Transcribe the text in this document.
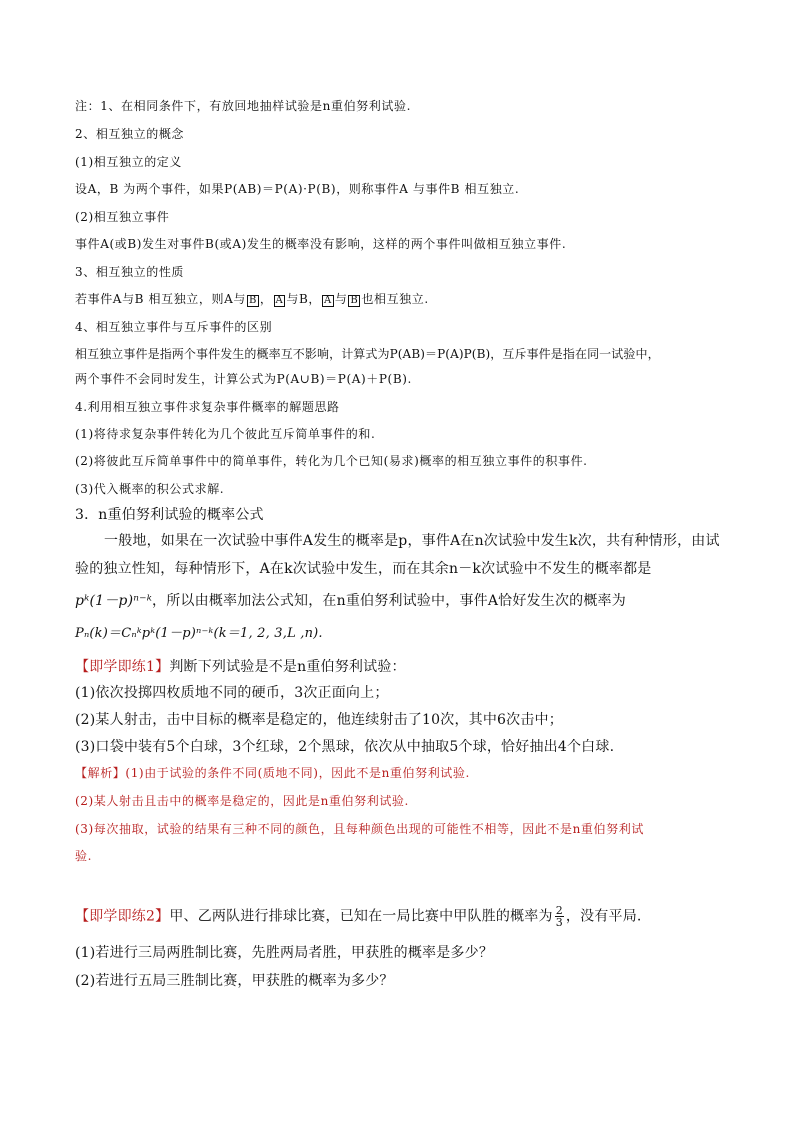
注：1、在相同条件下，有放回地抽样试验是n重伯努利试验.
2、相互独立的概念
(1)相互独立的定义
设A，B 为两个事件，如果P(AB)＝P(A)·P(B)，则称事件A 与事件B 相互独立.
(2)相互独立事件
事件A(或B)发生对事件B(或A)发生的概率没有影响，这样的两个事件叫做相互独立事件.
3、相互独立的性质
若事件A与B 相互独立，则A与 B ， A 与B， A 与 B 也相互独立.
4、相互独立事件与互斥事件的区别
相互独立事件是指两个事件发生的概率互不影响，计算式为P(AB)＝P(A)P(B)，互斥事件是指在同一试验中，
两个事件不会同时发生，计算公式为P(A∪B)＝P(A)＋P(B).
4.利用相互独立事件求复杂事件概率的解题思路
(1)将待求复杂事件转化为几个彼此互斥简单事件的和.
(2)将彼此互斥简单事件中的简单事件，转化为几个已知(易求)概率的相互独立事件的积事件.
(3)代入概率的积公式求解.
3．n重伯努利试验的概率公式
一般地，如果在一次试验中事件A发生的概率是p，事件A在n次试验中发生k次，共有种情形，由试
验的独立性知，每种情形下，A在k次试验中发生，而在其余n－k次试验中不发生的概率都是
pᵏ(1－p)ⁿ⁻ᵏ，所以由概率加法公式知，在n重伯努利试验中，事件A恰好发生次的概率为
Pₙ(k)＝Cₙᵏpᵏ(1－p)ⁿ⁻ᵏ(k＝1, 2, 3,L ,n).
【即学即练1】判断下列试验是不是n重伯努利试验：
(1)依次投掷四枚质地不同的硬币，3次正面向上；
(2)某人射击，击中目标的概率是稳定的，他连续射击了10次，其中6次击中；
(3)口袋中装有5个白球，3个红球，2个黑球，依次从中抽取5个球，恰好抽出4个白球.
【解析】(1)由于试验的条件不同(质地不同)，因此不是n重伯努利试验.
(2)某人射击且击中的概率是稳定的，因此是n重伯努利试验.
(3)每次抽取，试验的结果有三种不同的颜色，且每种颜色出现的可能性不相等，因此不是n重伯努利试
验.
【即学即练2】甲、乙两队进行排球比赛，已知在一局比赛中甲队胜的概率为 $\frac{2}{3}$ ，没有平局.
(1)若进行三局两胜制比赛，先胜两局者胜，甲获胜的概率是多少？
(2)若进行五局三胜制比赛，甲获胜的概率为多少？
